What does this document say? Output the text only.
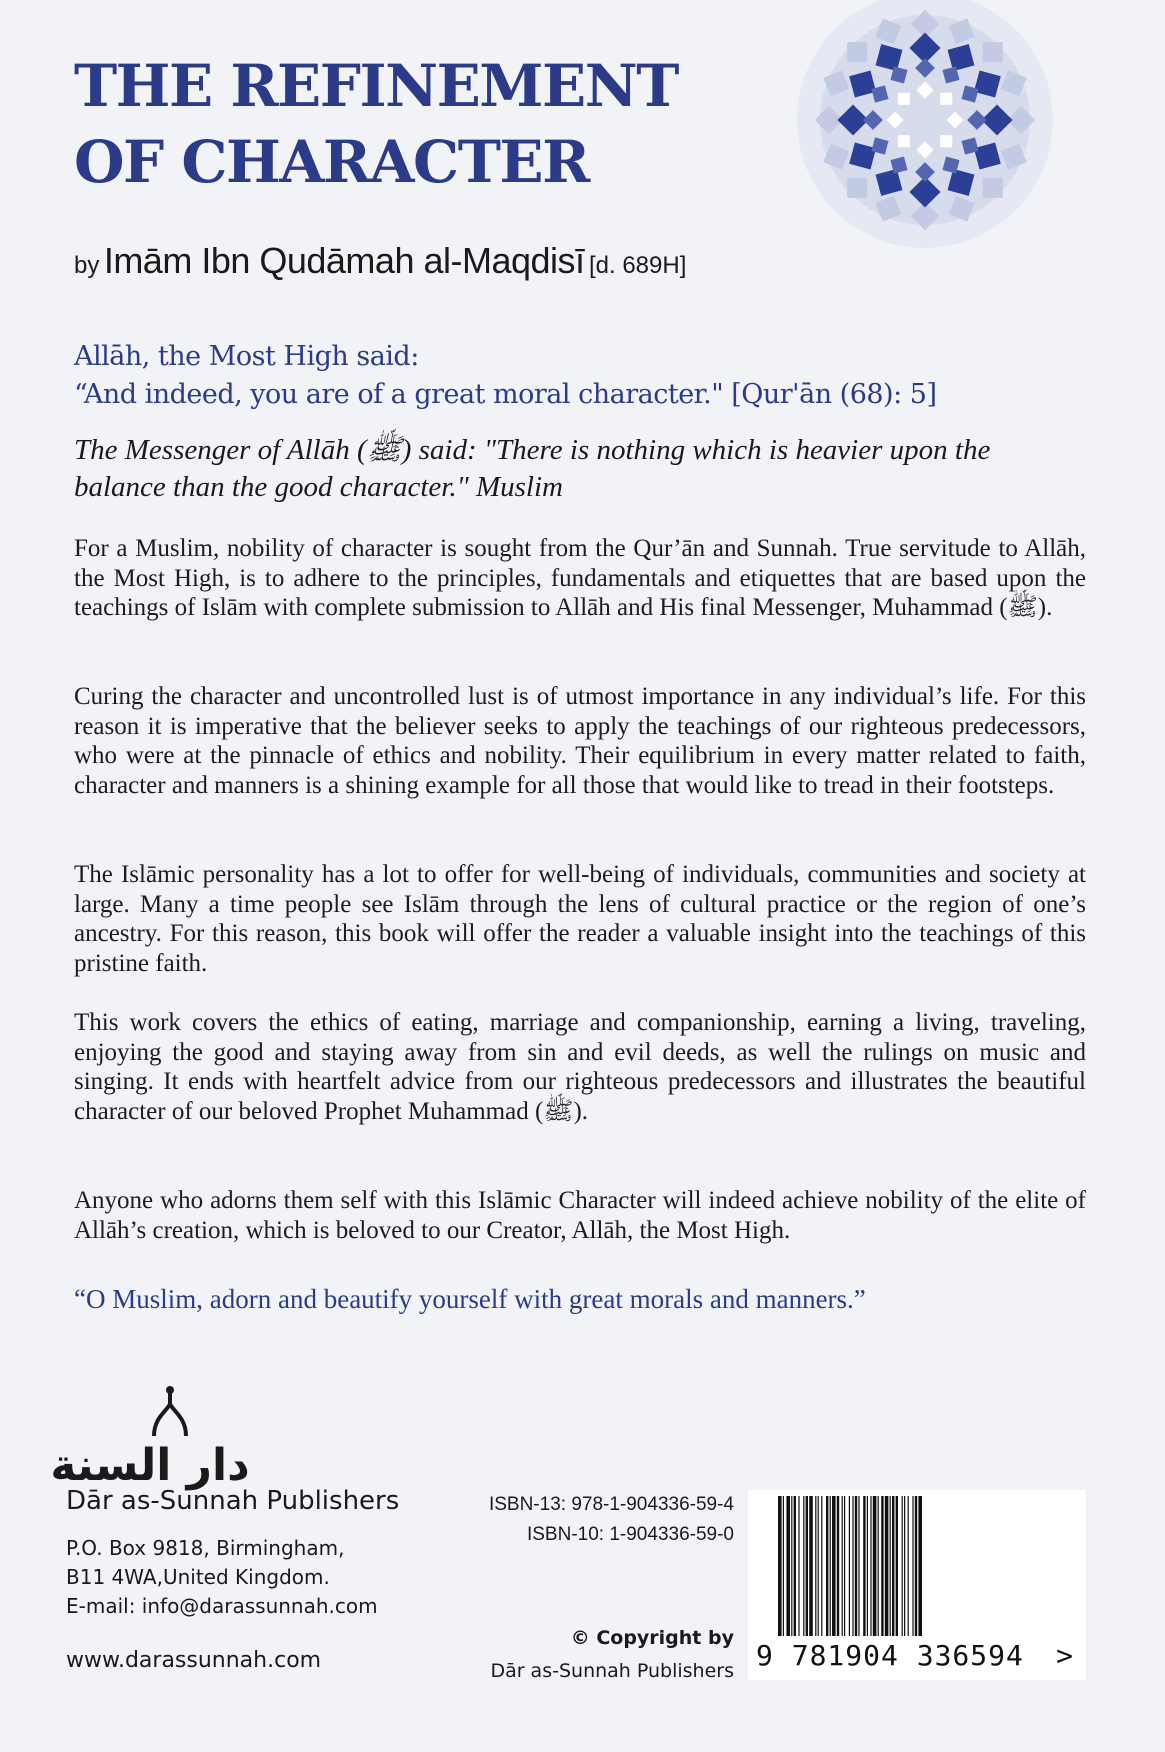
THE REFINEMENT
OF CHARACTER
by Imām Ibn Qudāmah al-Maqdisī [d. 689H]
Allāh, the Most High said:
“And indeed, you are of a great moral character." [Qur'ān (68): 5]
The Messenger of Allāh (ﷺ) said: "There is nothing which is heavier upon the balance than the good character." Muslim

For a Muslim, nobility of character is sought from the Qur’ān and Sunnah. True servitude to Allāh, the Most High, is to adhere to the principles, fundamentals and etiquettes that are based upon the teachings of Islām with complete submission to Allāh and His final Messenger, Muhammad (ﷺ).

Curing the character and uncontrolled lust is of utmost importance in any individual’s life. For this reason it is imperative that the believer seeks to apply the teachings of our righteous predecessors, who were at the pinnacle of ethics and nobility. Their equilibrium in every matter related to faith, character and manners is a shining example for all those that would like to tread in their footsteps.

The Islāmic personality has a lot to offer for well-being of individuals, communities and society at large. Many a time people see Islām through the lens of cultural practice or the region of one’s ancestry. For this reason, this book will offer the reader a valuable insight into the teachings of this pristine faith.

This work covers the ethics of eating, marriage and companionship, earning a living, traveling, enjoying the good and staying away from sin and evil deeds, as well the rulings on music and singing. It ends with heartfelt advice from our righteous predecessors and illustrates the beautiful character of our beloved Prophet Muhammad (ﷺ).

Anyone who adorns them self with this Islāmic Character will indeed achieve nobility of the elite of Allāh’s creation, which is beloved to our Creator, Allāh, the Most High.

“O Muslim, adorn and beautify yourself with great morals and manners.”
دار السنة
Dār as-Sunnah Publishers
P.O. Box 9818, Birmingham,
B11 4WA,United Kingdom.
E-mail: info@darassunnah.com
www.darassunnah.com
ISBN-13: 978-1-904336-59-4
ISBN-10: 1-904336-59-0
© Copyright by
Dār as-Sunnah Publishers 9 781904 336594 >
